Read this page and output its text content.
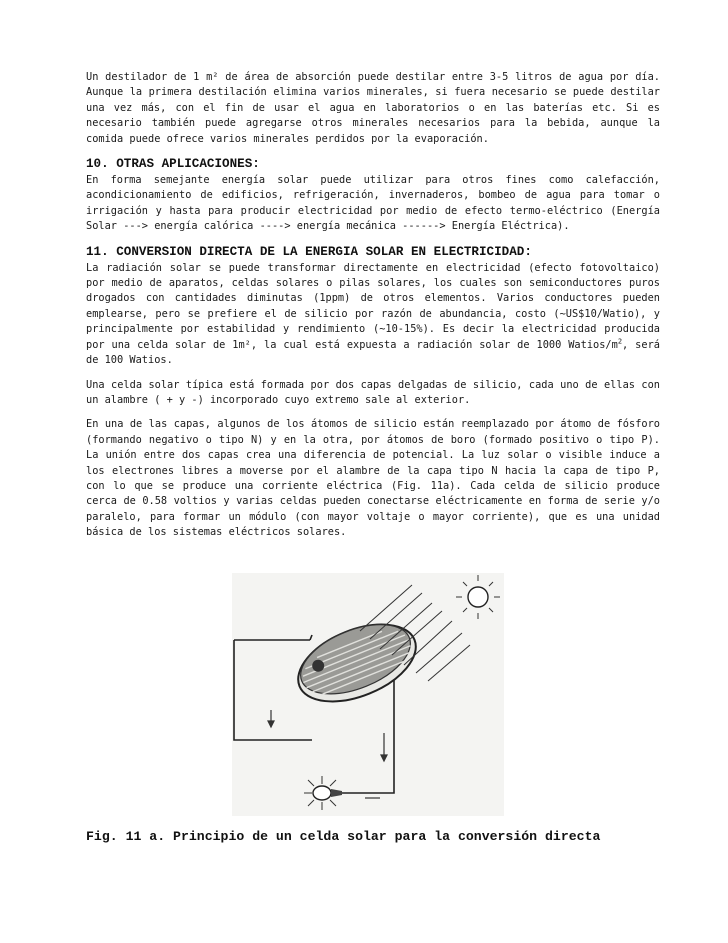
Un destilador de 1 m² de área de absorción puede destilar entre 3-5 litros de agua por día. Aunque la primera destilación elimina varios minerales, si fuera necesario se puede destilar una vez más, con el fin de usar el agua en laboratorios o en las baterías etc. Si es necesario también puede agregarse otros minerales necesarios para la bebida, aunque la comida puede ofrece varios minerales perdidos por la evaporación.

10. OTRAS APLICACIONES:

En forma semejante energía solar puede utilizar para otros fines como calefacción, acondicionamiento de edificios, refrigeración, invernaderos, bombeo de agua para tomar o irrigación y hasta para producir electricidad por medio de efecto termo-eléctrico (Energía Solar ---> energía calórica ----> energía mecánica ------> Energía Eléctrica).

11. CONVERSION DIRECTA DE LA ENERGIA SOLAR EN ELECTRICIDAD:

La radiación solar se puede transformar directamente en electricidad (efecto fotovoltaico) por medio de aparatos, celdas solares o pilas solares, los cuales son semiconductores puros drogados con cantidades diminutas (1ppm) de otros elementos. Varios conductores pueden emplearse, pero se prefiere el de silicio por razón de abundancia, costo (~US$10/Watio), y principalmente por estabilidad y rendimiento (~10-15%). Es decir la electricidad producida por una celda solar de 1m², la cual está expuesta a radiación solar de 1000 Watios/$m^2$, será de 100 Watios.

Una celda solar típica está formada por dos capas delgadas de silicio, cada uno de ellas con un alambre ( + y -) incorporado cuyo extremo sale al exterior.

En una de las capas, algunos de los átomos de silicio están reemplazado por átomo de fósforo (formando negativo o tipo N) y en la otra, por átomos de boro (formado positivo o tipo P). La unión entre dos capas crea una diferencia de potencial. La luz solar o visible induce a los electrones libres a moverse por el alambre de la capa tipo N hacia la capa de tipo P, con lo que se produce una corriente eléctrica (Fig. 11a). Cada celda de silicio produce cerca de 0.58 voltios y varias celdas pueden conectarse eléctricamente en forma de serie y/o paralelo, para formar un módulo (con mayor voltaje o mayor corriente), que es una unidad básica de los sistemas eléctricos solares.

Fig. 11 a. Principio de un celda solar para la conversión directa
